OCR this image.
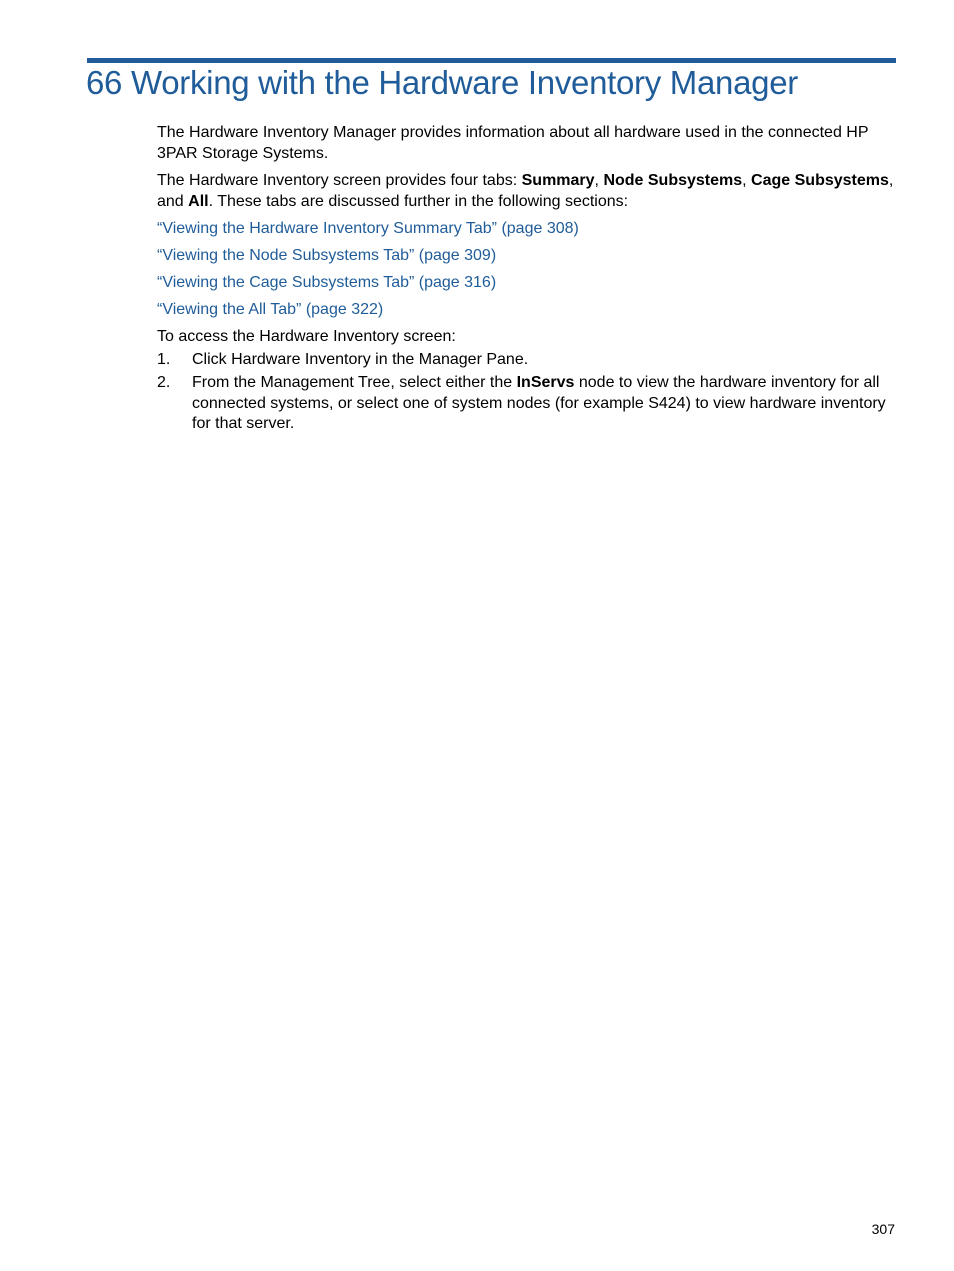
66 Working with the Hardware Inventory Manager

The Hardware Inventory Manager provides information about all hardware used in the connected HP 3PAR Storage Systems.

The Hardware Inventory screen provides four tabs: Summary, Node Subsystems, Cage Subsystems, and All. These tabs are discussed further in the following sections:

“Viewing the Hardware Inventory Summary Tab” (page 308)
“Viewing the Node Subsystems Tab” (page 309)
“Viewing the Cage Subsystems Tab” (page 316)
“Viewing the All Tab” (page 322)

To access the Hardware Inventory screen:

1. Click Hardware Inventory in the Manager Pane.
2. From the Management Tree, select either the InServs node to view the hardware inventory for all connected systems, or select one of system nodes (for example S424) to view hardware inventory for that server.
307
